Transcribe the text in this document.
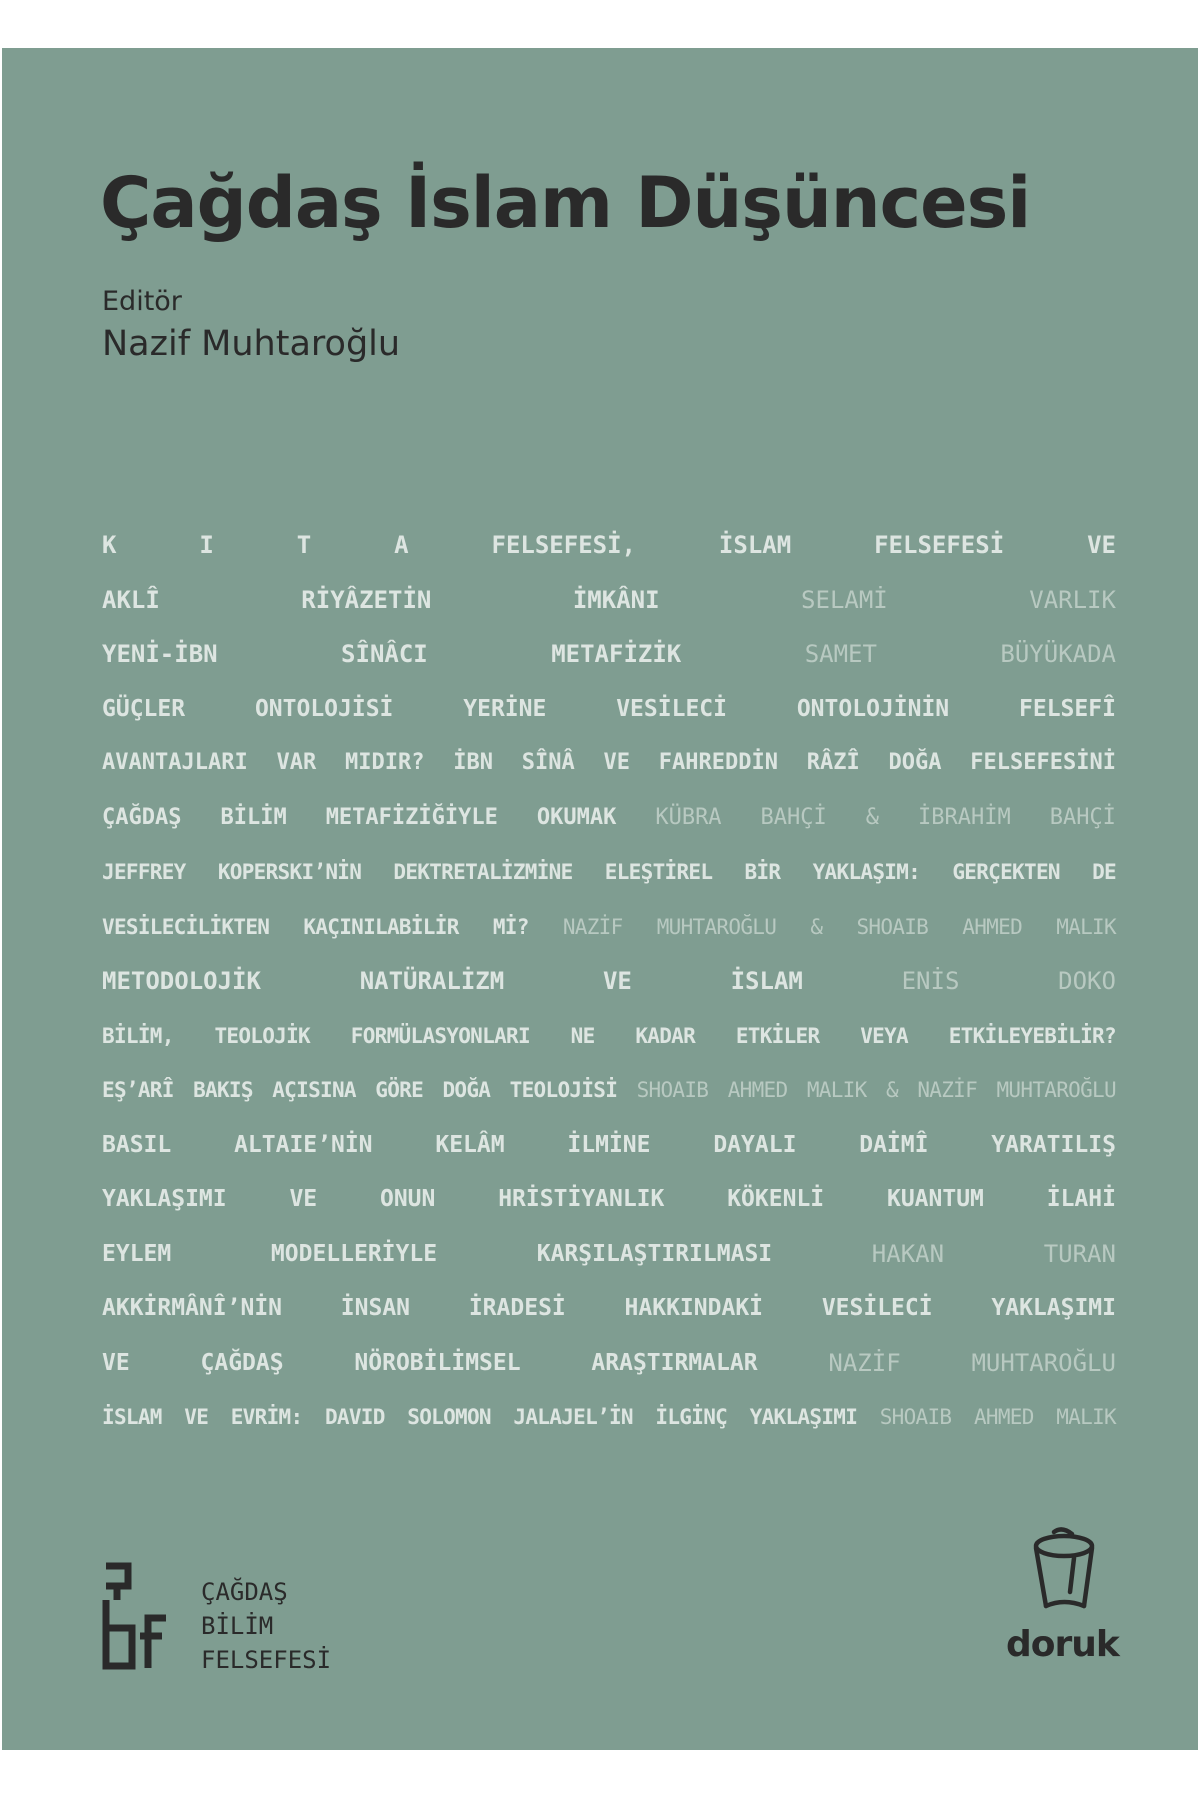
Çağdaş İslam Düşüncesi
Editör
Nazif Muhtaroğlu
K	I	T	A	FELSEFESİ,	İSLAM	FELSEFESİ	VE
AKLÎ	RİYÂZETİN	İMKÂNI	SELAMİ	VARLIK
YENİ-İBN	SÎNÂCI	METAFİZİK	SAMET	BÜYÜKADA
GÜÇLER	ONTOLOJİSİ	YERİNE	VESİLECİ	ONTOLOJİNİN	FELSEFÎ
AVANTAJLARI VAR MIDIR? İBN SÎNÂ VE FAHREDDİN RÂZÎ DOĞA FELSEFESİNİ
ÇAĞDAŞ BİLİM METAFİZİĞİYLE OKUMAK KÜBRA BAHÇİ & İBRAHİM BAHÇİ
JEFFREY KOPERSKI’NİN DEKTRETALİZMİNE ELEŞTİREL BİR YAKLAŞIM: GERÇEKTEN DE
VESİLECİLİKTEN KAÇINILABİLİR Mİ? NAZİF MUHTAROĞLU & SHOAIB AHMED MALIK
METODOLOJİK	NATÜRALİZM	VE	İSLAM	ENİS	DOKO
BİLİM, TEOLOJİK FORMÜLASYONLARI NE KADAR ETKİLER VEYA ETKİLEYEBİLİR?
EŞ’ARÎ BAKIŞ AÇISINA GÖRE DOĞA TEOLOJİSİ SHOAIB AHMED MALIK & NAZİF MUHTAROĞLU
BASIL	ALTAIE’NİN	KELÂM	İLMİNE	DAYALI	DAİMÎ	YARATILIŞ
YAKLAŞIMI	VE	ONUN	HRİSTİYANLIK	KÖKENLİ	KUANTUM	İLAHİ
EYLEM	MODELLERİYLE	KARŞILAŞTIRILMASI	HAKAN	TURAN
AKKİRMÂNÎ’NİN	İNSAN	İRADESİ	HAKKINDAKİ	VESİLECİ	YAKLAŞIMI
VE	ÇAĞDAŞ	NÖROBİLİMSEL	ARAŞTIRMALAR	NAZİF	MUHTAROĞLU
İSLAM VE EVRİM: DAVID SOLOMON JALAJEL’İN İLGİNÇ YAKLAŞIMI SHOAIB AHMED MALIK
ÇAĞDAŞ
BİLİM
FELSEFESİ	doruk
